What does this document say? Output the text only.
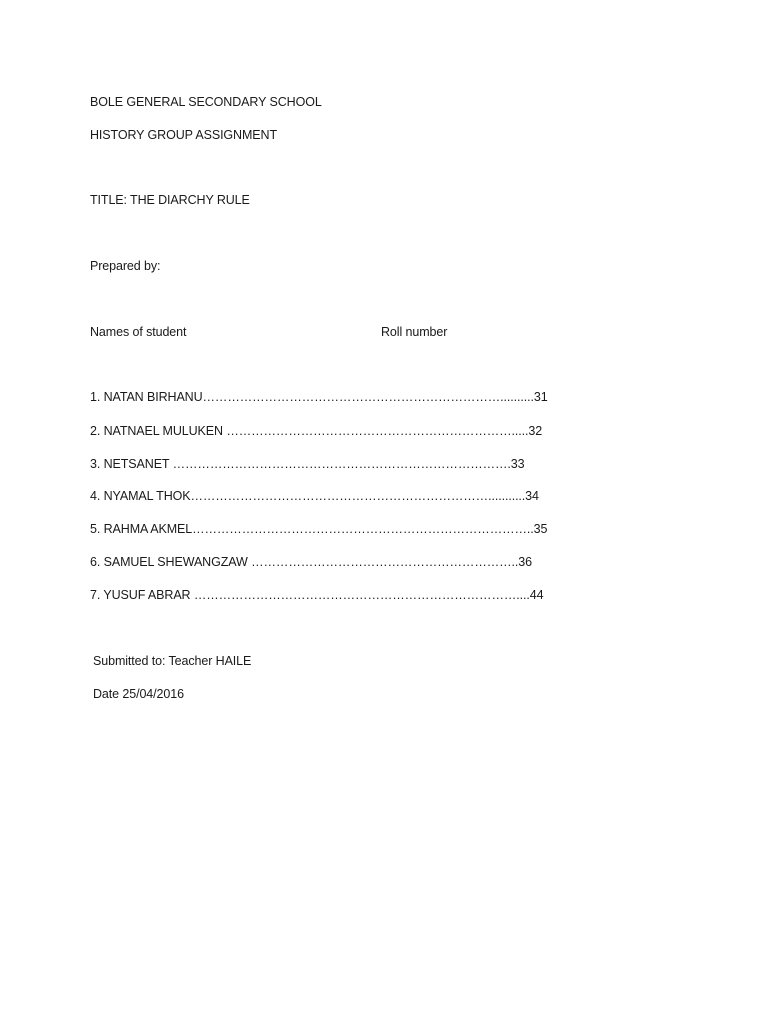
BOLE GENERAL SECONDARY SCHOOL
HISTORY GROUP ASSIGNMENT
TITLE: THE DIARCHY RULE
Prepared by:
Names of student	Roll number
1. NATAN BIRHANU………………………………………………………………..........31
2. NATNAEL MULUKEN …………………………………………………………….....32
3. NETSANET ……………………………………………………………………….33
4. NYAMAL THOK………………………………………………………………...........34
5. RAHMA AKMEL………………………………………………………………………..35
6. SAMUEL SHEWANGZAW ………………………………………………………..36
7. YUSUF ABRAR ……………………………………………………………………....44
Submitted to: Teacher HAILE
Date 25/04/2016
